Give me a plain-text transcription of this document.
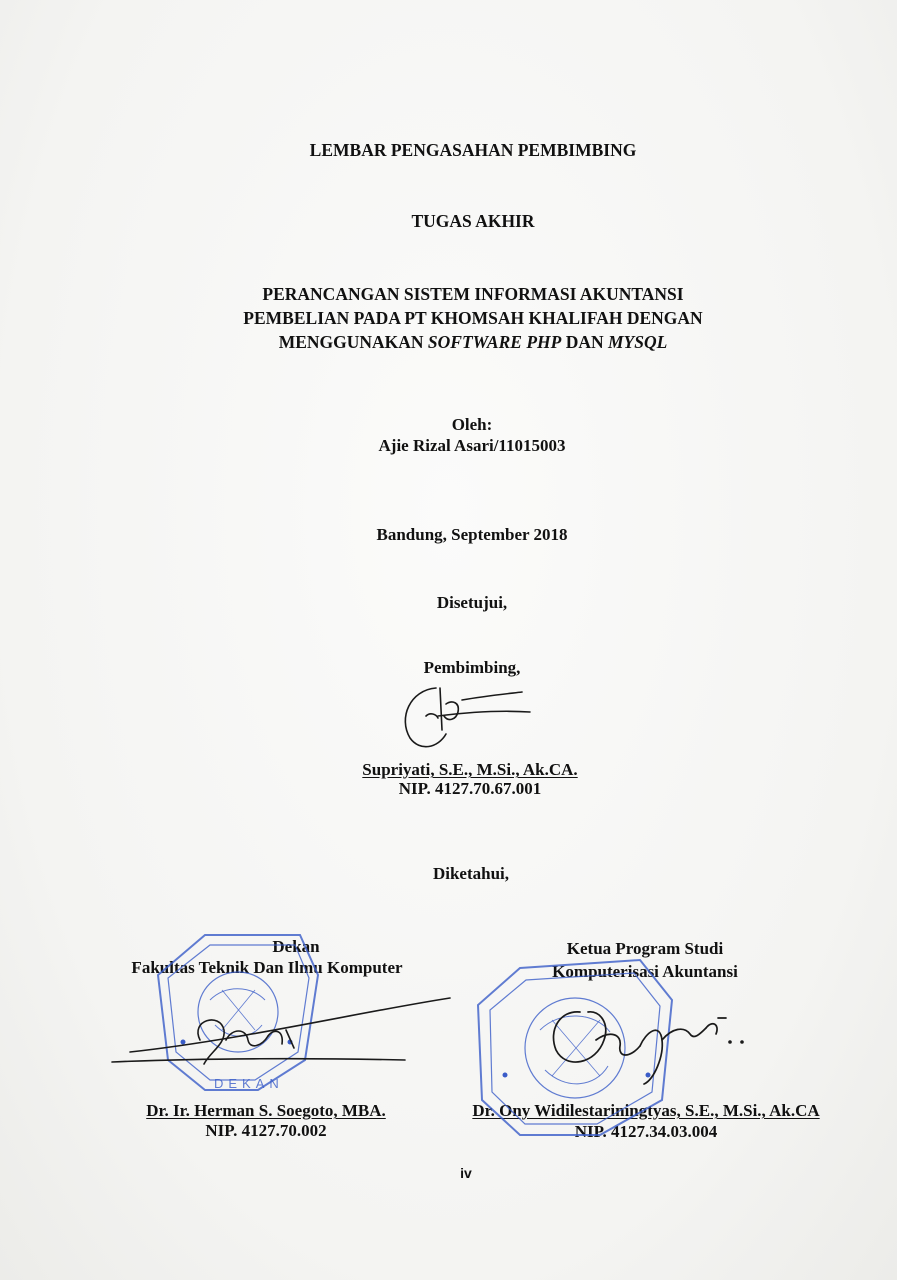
LEMBAR PENGASAHAN PEMBIMBING
TUGAS AKHIR
PERANCANGAN SISTEM INFORMASI AKUNTANSI
PEMBELIAN PADA PT KHOMSAH KHALIFAH DENGAN
MENGGUNAKAN SOFTWARE PHP DAN MYSQL
Oleh:
Ajie Rizal Asari/11015003
Bandung, September 2018
Disetujui,
Pembimbing,
Supriyati, S.E., M.Si., Ak.CA.
NIP. 4127.70.67.001
Diketahui,
Dekan
Fakultas Teknik Dan Ilmu Komputer
Dr. Ir. Herman S. Soegoto, MBA.
NIP. 4127.70.002
Ketua Program Studi
Komputerisasi Akuntansi
Dr. Ony Widilestariningtyas, S.E., M.Si., Ak.CA
NIP. 4127.34.03.004
iv
DEKAN
